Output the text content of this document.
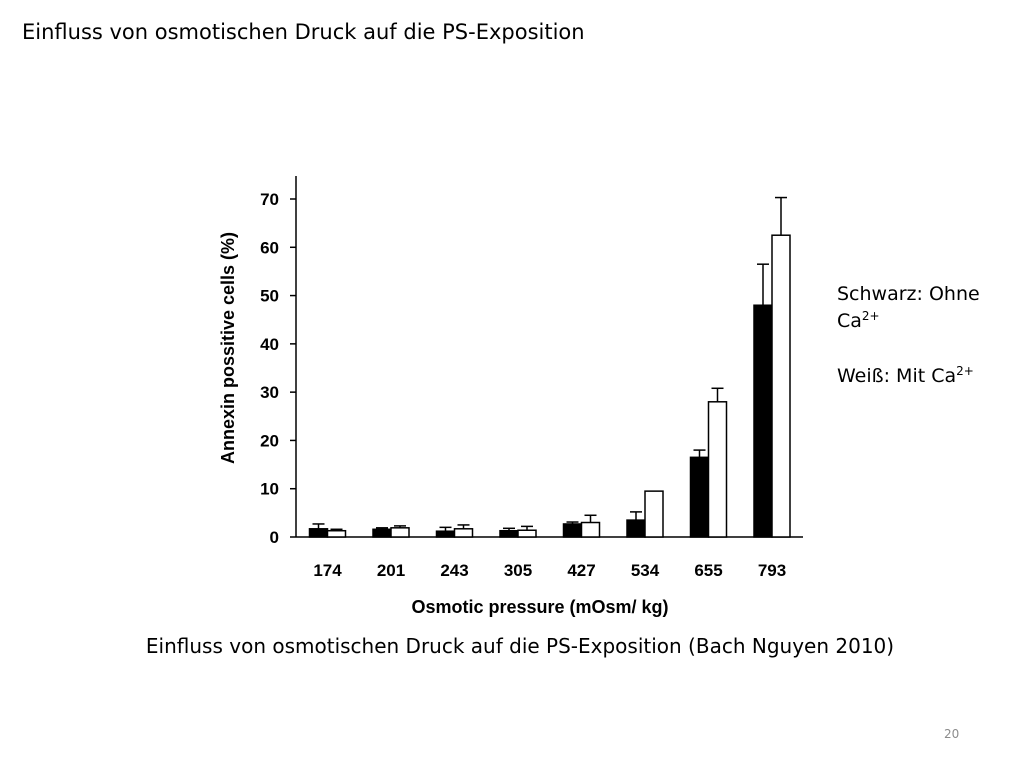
Einfluss von osmotischen Druck auf die PS-Exposition
0
10
20
30
40
50
60
70
Annexin possitive cells (%)
174 201 243 305 427 534 655 793
Osmotic pressure (mOsm/ kg)
Schwarz: Ohne
$Ca^{2+}$
Weiß: Mit $Ca^{2+}$
Einfluss von osmotischen Druck auf die PS-Exposition (Bach Nguyen 2010)
20
